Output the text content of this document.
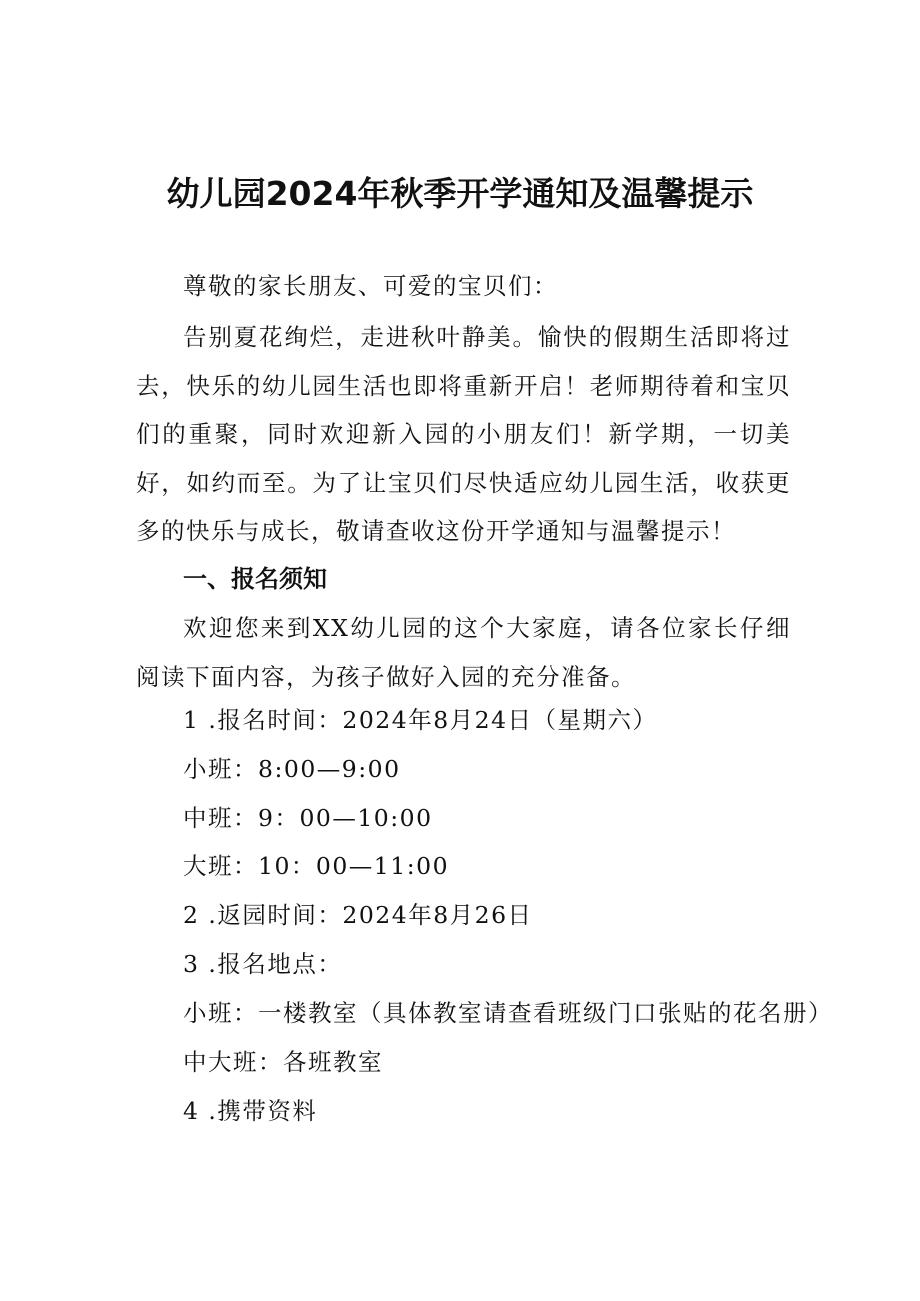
幼儿园2024年秋季开学通知及温馨提示
尊敬的家长朋友、可爱的宝贝们：
告别夏花绚烂，走进秋叶静美。愉快的假期生活即将过去，快乐的幼儿园生活也即将重新开启！老师期待着和宝贝们的重聚，同时欢迎新入园的小朋友们！新学期，一切美好，如约而至。为了让宝贝们尽快适应幼儿园生活，收获更多的快乐与成长，敬请查收这份开学通知与温馨提示！
一、报名须知
欢迎您来到XX幼儿园的这个大家庭，请各位家长仔细阅读下面内容，为孩子做好入园的充分准备。
1 .报名时间：2024年8月24日（星期六）
小班：8:00—9:00
中班：9：00—10:00
大班：10：00—11:00
2 .返园时间：2024年8月26日
3 .报名地点：
小班：一楼教室（具体教室请查看班级门口张贴的花名册）
中大班：各班教室
4 .携带资料
